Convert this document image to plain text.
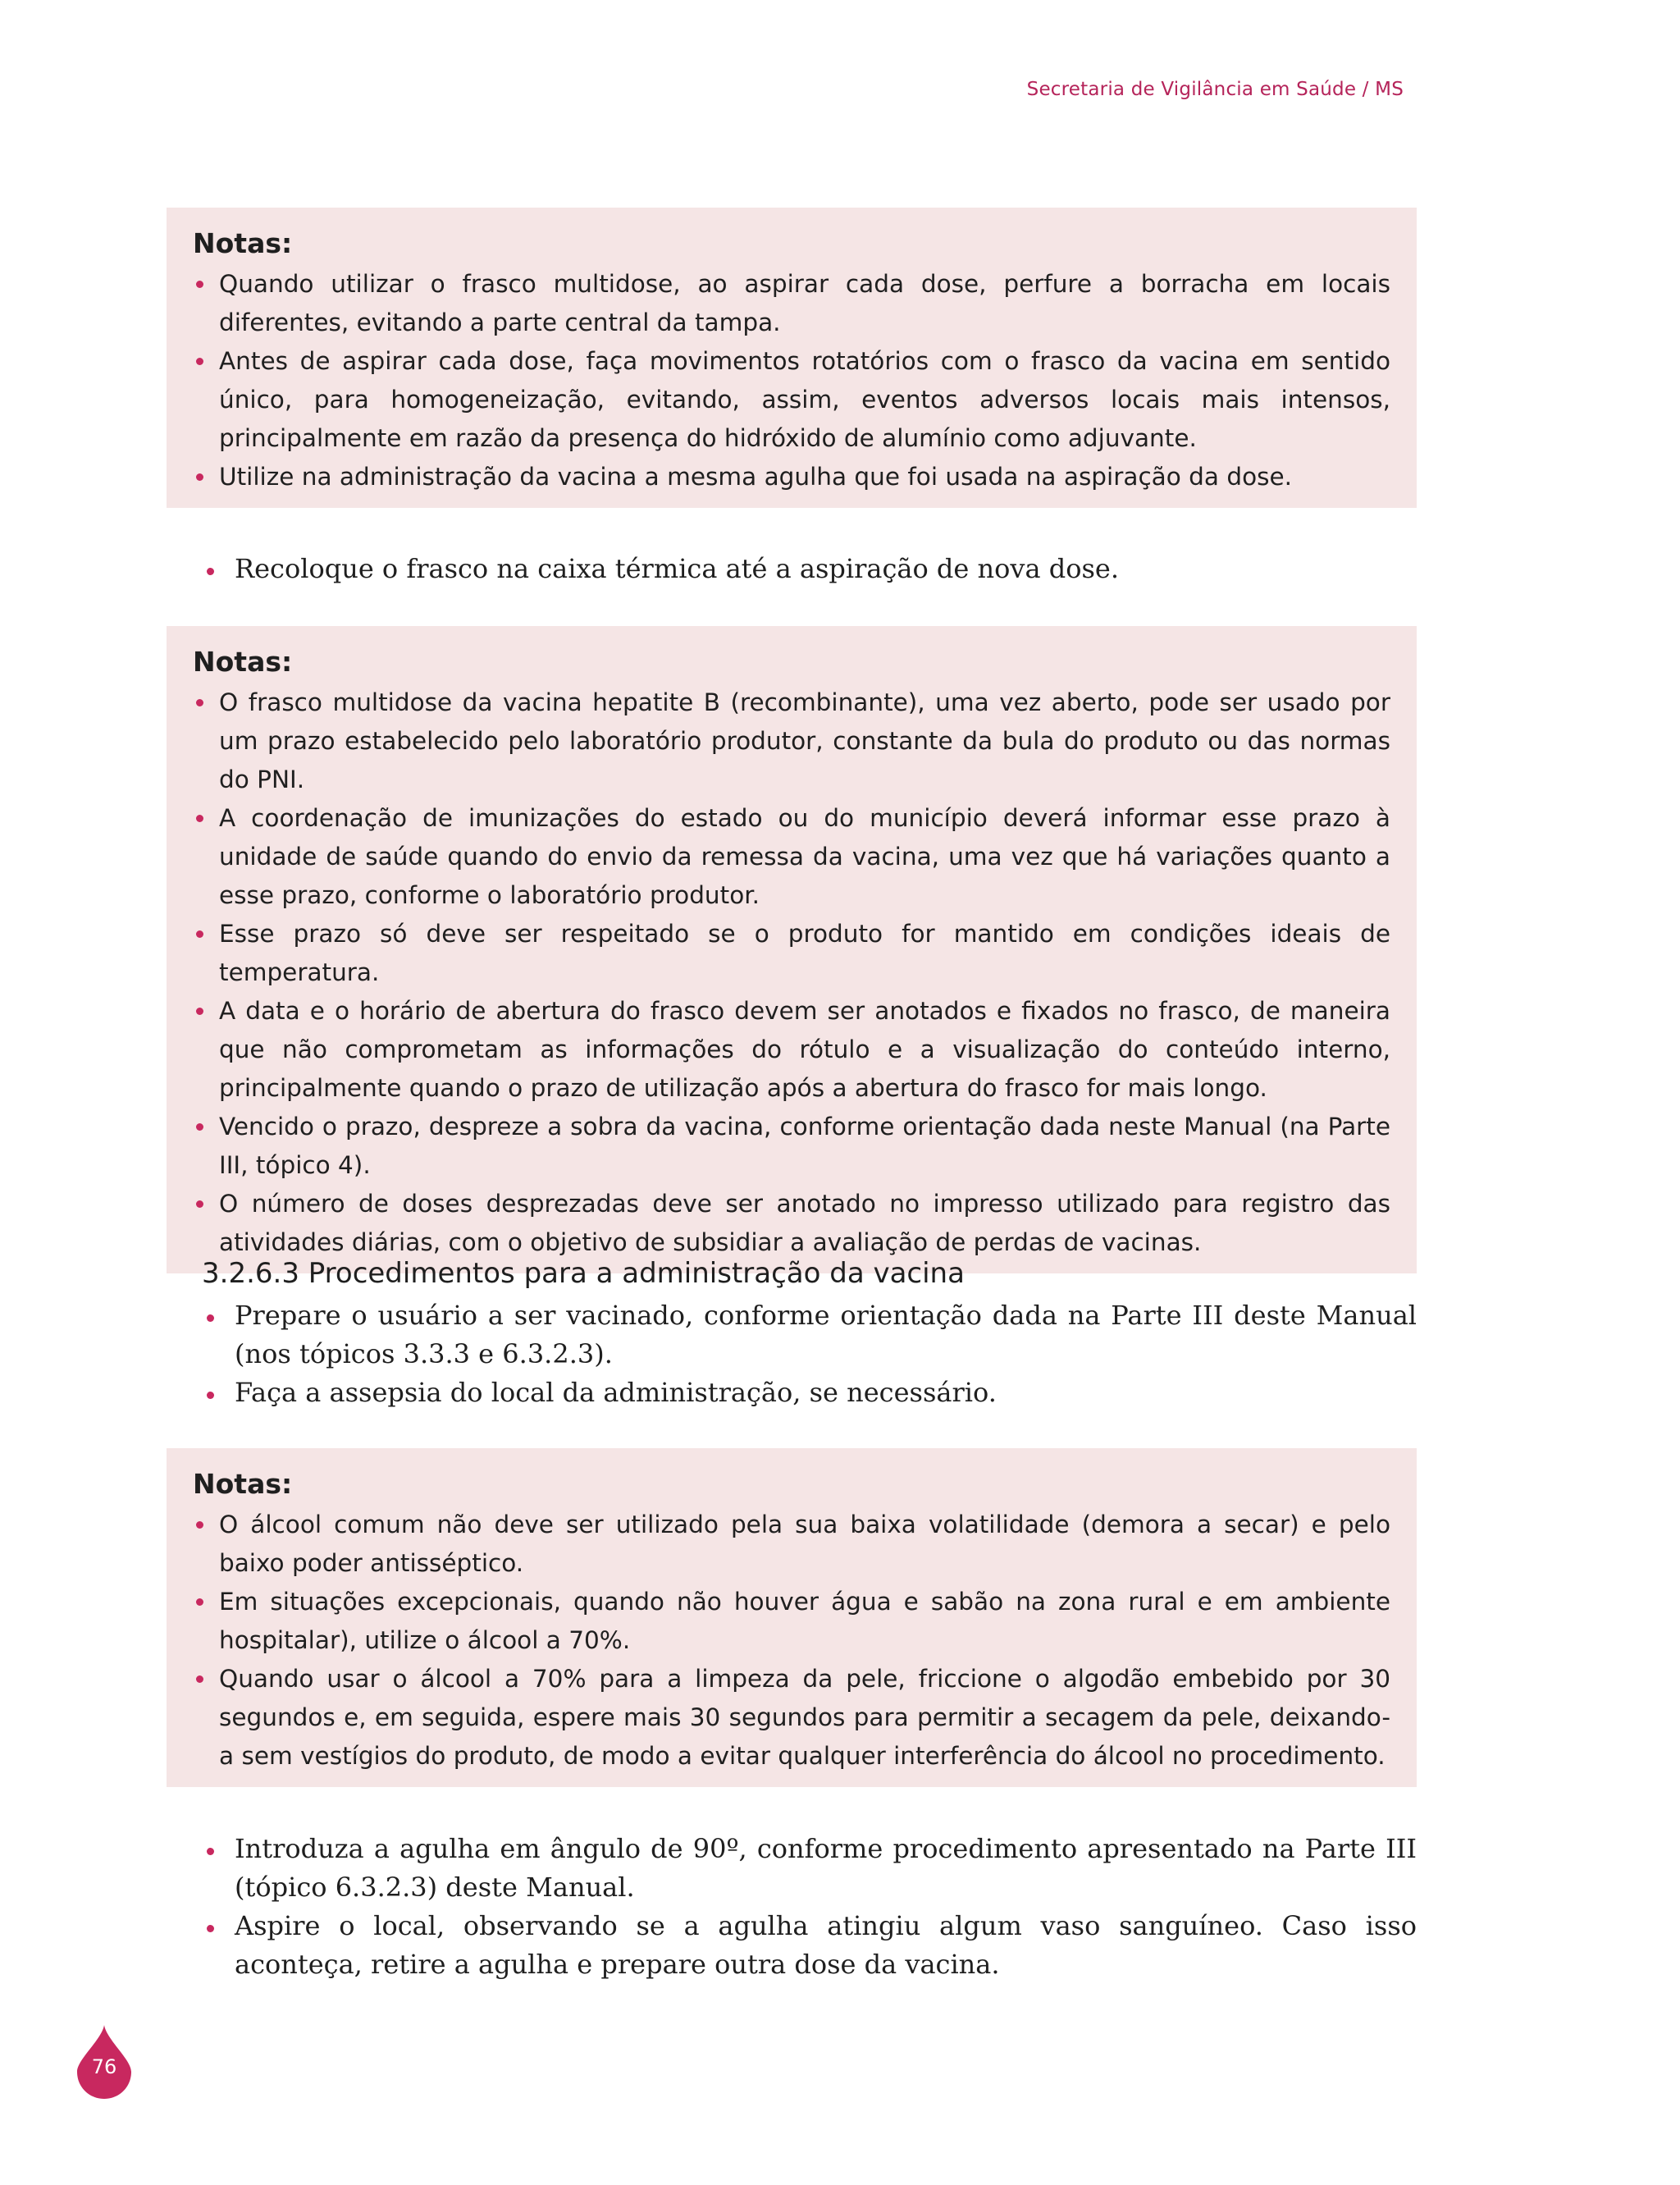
Secretaria de Vigilância em Saúde / MS
Notas:
Quando utilizar o frasco multidose, ao aspirar cada dose, perfure a borracha em locais diferentes, evitando a parte central da tampa.
Antes de aspirar cada dose, faça movimentos rotatórios com o frasco da vacina em sentido único, para homogeneização, evitando, assim, eventos adversos locais mais intensos, principalmente em razão da presença do hidróxido de alumínio como adjuvante.
Utilize na administração da vacina a mesma agulha que foi usada na aspiração da dose.
Recoloque o frasco na caixa térmica até a aspiração de nova dose.
Notas:
O frasco multidose da vacina hepatite B (recombinante), uma vez aberto, pode ser usado por um prazo estabelecido pelo laboratório produtor, constante da bula do produto ou das normas do PNI.
A coordenação de imunizações do estado ou do município deverá informar esse prazo à unidade de saúde quando do envio da remessa da vacina, uma vez que há variações quanto a esse prazo, conforme o laboratório produtor.
Esse prazo só deve ser respeitado se o produto for mantido em condições ideais de temperatura.
A data e o horário de abertura do frasco devem ser anotados e fixados no frasco, de maneira que não comprometam as informações do rótulo e a visualização do conteúdo interno, principalmente quando o prazo de utilização após a abertura do frasco for mais longo.
Vencido o prazo, despreze a sobra da vacina, conforme orientação dada neste Manual (na Parte III, tópico 4).
O número de doses desprezadas deve ser anotado no impresso utilizado para registro das atividades diárias, com o objetivo de subsidiar a avaliação de perdas de vacinas.
3.2.6.3 Procedimentos para a administração da vacina
Prepare o usuário a ser vacinado, conforme orientação dada na Parte III deste Manual (nos tópicos 3.3.3 e 6.3.2.3).
Faça a assepsia do local da administração, se necessário.
Notas:
O álcool comum não deve ser utilizado pela sua baixa volatilidade (demora a secar) e pelo baixo poder antisséptico.
Em situações excepcionais, quando não houver água e sabão na zona rural e em ambiente hospitalar), utilize o álcool a 70%.
Quando usar o álcool a 70% para a limpeza da pele, friccione o algodão embebido por 30 segundos e, em seguida, espere mais 30 segundos para permitir a secagem da pele, deixando-a sem vestígios do produto, de modo a evitar qualquer interferência do álcool no procedimento.
Introduza a agulha em ângulo de 90º, conforme procedimento apresentado na Parte III (tópico 6.3.2.3) deste Manual.
Aspire o local, observando se a agulha atingiu algum vaso sanguíneo. Caso isso aconteça, retire a agulha e prepare outra dose da vacina.
76
